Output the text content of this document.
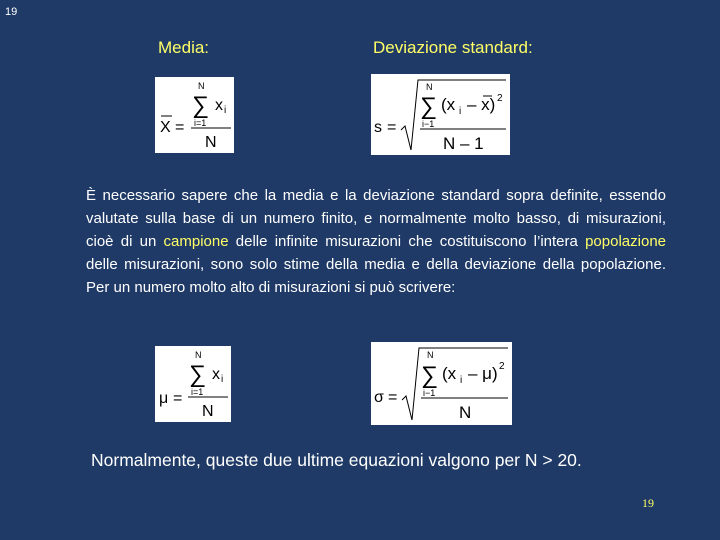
19
Media:	Deviazione standard:
N
∑ x i
i=1
N
X =	s =
N
∑ (x i – x) 2
i−1
N – 1
È necessario sapere che la media e la deviazione standard sopra definite, essendo valutate sulla base di un numero finito, e normalmente molto basso, di misurazioni, cioè di un campione delle infinite misurazioni che costituiscono l’intera popolazione delle misurazioni, sono solo stime della media e della deviazione della popolazione. Per un numero molto alto di misurazioni si può scrivere:
N
∑ x i
i=1
N
μ =	σ =
N
∑ (x i – μ) 2
i−1
N
Normalmente, queste due ultime equazioni valgono per N > 20.
19
